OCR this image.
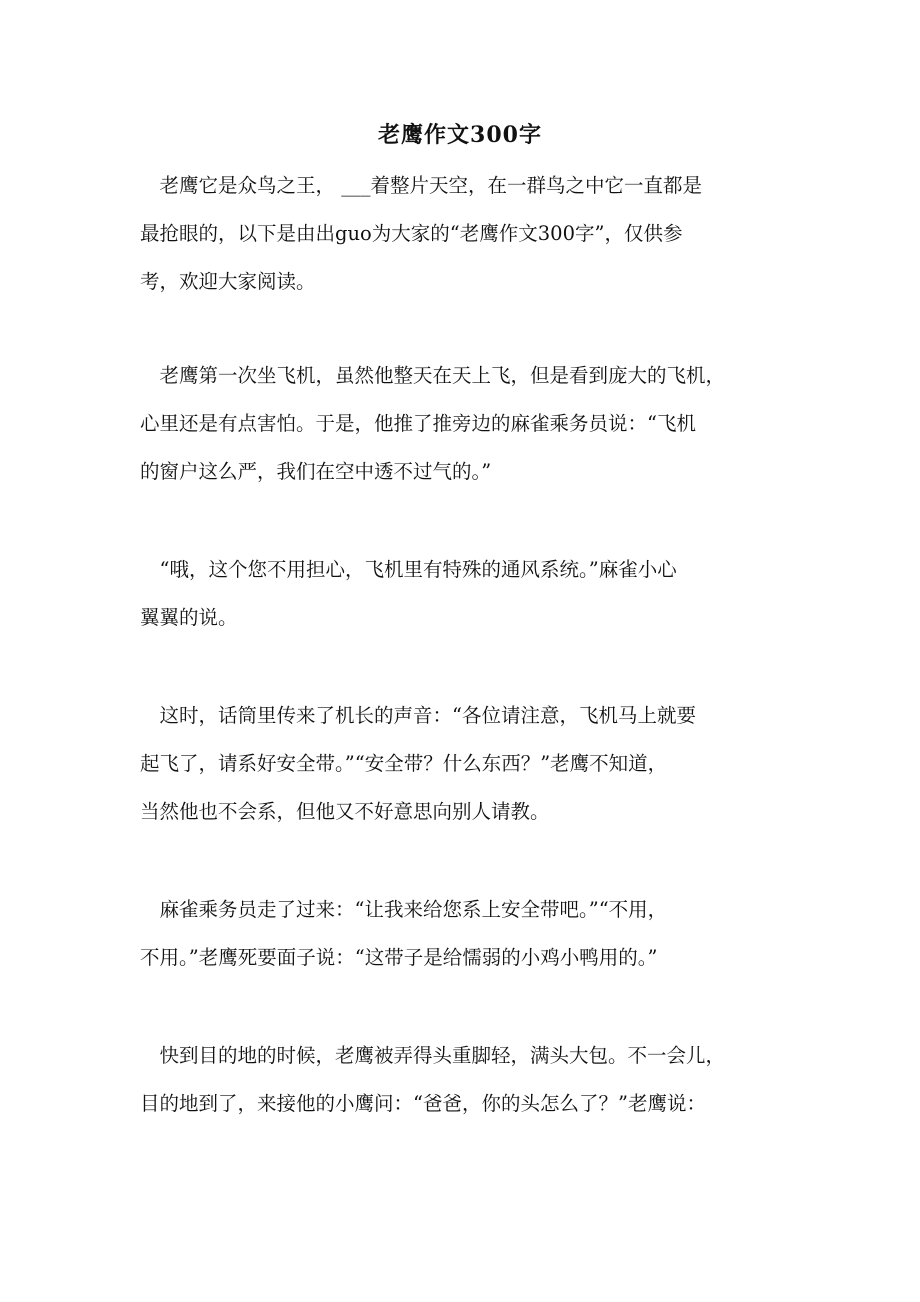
老鹰作文300字
　老鹰它是众鸟之王， ___着整片天空，在一群鸟之中它一直都是
最抢眼的，以下是由出guo为大家的“老鹰作文300字”，仅供参
考，欢迎大家阅读。
　老鹰第一次坐飞机，虽然他整天在天上飞，但是看到庞大的飞机，
心里还是有点害怕。于是，他推了推旁边的麻雀乘务员说：“飞机
的窗户这么严，我们在空中透不过气的。”
　“哦，这个您不用担心，飞机里有特殊的通风系统。”麻雀小心
翼翼的说。
　这时，话筒里传来了机长的声音：“各位请注意，飞机马上就要
起飞了，请系好安全带。”“安全带？什么东西？”老鹰不知道，
当然他也不会系，但他又不好意思向别人请教。
　麻雀乘务员走了过来：“让我来给您系上安全带吧。”“不用，
不用。”老鹰死要面子说：“这带子是给懦弱的小鸡小鸭用的。”
　快到目的地的时候，老鹰被弄得头重脚轻，满头大包。不一会儿，
目的地到了，来接他的小鹰问：“爸爸，你的头怎么了？”老鹰说：
